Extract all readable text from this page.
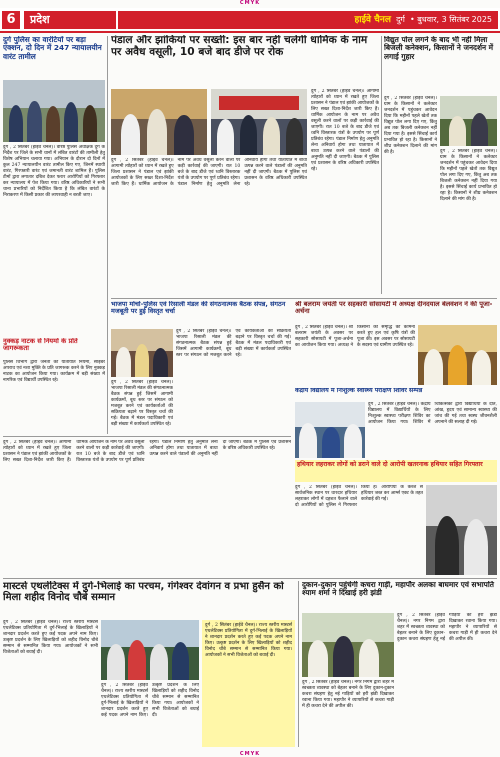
CMYK
6	प्रदेश	हाईवे चैनल दुर्ग  • बुधवार, 3 सितंबर 2025
दुर्ग पुलिस का वारंटियों पर बड़ा एक्शन, दो दिन में 247 न्यायालयीन वारंट तामील
दुर्ग , 2 सितंबर (हाईवे चैनल)। वरिष्ठ पुलिस अधीक्षक दुर्ग के निर्देश पर जिले के सभी थानों में लंबित वारंटों की तामीली हेतु विशेष अभियान चलाया गया। अभियान के दौरान दो दिनों में कुल 247 न्यायालयीन वारंट तामील किए गए, जिनमें स्थायी वारंट, गिरफ्तारी वारंट एवं जमानती वारंट शामिल हैं। पुलिस टीमों द्वारा लगातार दबिश देकर फरार आरोपियों को गिरफ्तार कर न्यायालय में पेश किया गया। वरिष्ठ अधिकारियों ने सभी थाना प्रभारियों को निर्देशित किया है कि लंबित वारंटों के निराकरण में किसी प्रकार की लापरवाही न बरती जाए।
नुक्कड़ नाटक से नियमों के प्रति जागरूकता
पुलिस विभाग द्वारा जनता को यातायात नियमों, साइबर अपराध एवं नशा मुक्ति के प्रति जागरूक करने के लिए नुक्कड़ नाटक का आयोजन किया गया। कार्यक्रम में बड़ी संख्या में नागरिक एवं विद्यार्थी उपस्थित रहे।
पंडाल और झांकियों पर सख्ती: इस बार नहीं चलेगी धार्मिक के नाम पर अवैध वसूली, 10 बजे बाद डीजे पर रोक
दुर्ग , 2 सितंबर (हाईवे चैनल)। आगामी त्योहारों को ध्यान में रखते हुए जिला प्रशासन ने पंडाल एवं झांकी आयोजकों के लिए सख्त दिशा-निर्देश जारी किए हैं। धार्मिक आयोजन के नाम पर अवैध वसूली करने वालों पर कड़ी कार्रवाई की जाएगी। रात 10 बजे के बाद डीजे एवं ध्वनि विस्तारक यंत्रों के उपयोग पर पूर्ण प्रतिबंध रहेगा। पंडाल निर्माण हेतु अनुमति लेना अनिवार्य होगा तथा यातायात में बाधा उत्पन्न करने वाले पंडालों की अनुमति नहीं दी जाएगी। बैठक में पुलिस एवं प्रशासन के वरिष्ठ अधिकारी उपस्थित रहे।
दुर्ग , 2 सितंबर (हाईवे चैनल)। आगामी त्योहारों को ध्यान में रखते हुए जिला प्रशासन ने पंडाल एवं झांकी आयोजकों के लिए सख्त दिशा-निर्देश जारी किए हैं। धार्मिक आयोजन के नाम पर अवैध वसूली करने वालों पर कड़ी कार्रवाई की जाएगी। रात 10 बजे के बाद डीजे एवं ध्वनि विस्तारक यंत्रों के उपयोग पर पूर्ण प्रतिबंध रहेगा। पंडाल निर्माण हेतु अनुमति लेना अनिवार्य होगा तथा यातायात में बाधा उत्पन्न करने वाले पंडालों की अनुमति नहीं दी जाएगी। बैठक में पुलिस एवं प्रशासन के वरिष्ठ अधिकारी उपस्थित रहे।
विद्युत पोल लगने के बाद भी नहीं मिला बिजली कनेक्शन, किसानों ने जनदर्शन में लगाई गुहार
दुर्ग , 2 सितंबर (हाईवे चैनल)। ग्राम के किसानों ने कलेक्टर जनदर्शन में पहुंचकर आवेदन दिया कि महीनों पहले खेतों तक विद्युत पोल लगा दिए गए, किंतु अब तक बिजली कनेक्शन नहीं दिया गया है। इससे सिंचाई कार्य प्रभावित हो रहा है। किसानों ने शीघ्र कनेक्शन दिलाने की मांग की है।	दुर्ग , 2 सितंबर (हाईवे चैनल)। ग्राम के किसानों ने कलेक्टर जनदर्शन में पहुंचकर आवेदन दिया कि महीनों पहले खेतों तक विद्युत पोल लगा दिए गए, किंतु अब तक बिजली कनेक्शन नहीं दिया गया है। इससे सिंचाई कार्य प्रभावित हो रहा है। किसानों ने शीघ्र कनेक्शन दिलाने की मांग की है।
भाजपा मोर्चा-पुलिस एवं रिसाली मंडल की संगठनात्मक बैठक संपन्न, संगठन मजबूती पर हुई विस्तृत चर्चा
दुर्ग , 2 सितंबर (हाईवे चैनल)। भाजपा रिसाली मंडल की संगठनात्मक बैठक संपन्न हुई जिसमें आगामी कार्यक्रमों, बूथ स्तर पर संगठन को मजबूत करने एवं कार्यकर्ताओं की सक्रियता बढ़ाने पर विस्तृत चर्चा की गई। बैठक में मंडल पदाधिकारी एवं बड़ी संख्या में कार्यकर्ता उपस्थित रहे।
दुर्ग , 2 सितंबर (हाईवे चैनल)। भाजपा रिसाली मंडल की संगठनात्मक बैठक संपन्न हुई जिसमें आगामी कार्यक्रमों, बूथ स्तर पर संगठन को मजबूत करने एवं कार्यकर्ताओं की सक्रियता बढ़ाने पर विस्तृत चर्चा की गई। बैठक में मंडल पदाधिकारी एवं बड़ी संख्या में कार्यकर्ता उपस्थित रहे।
श्री बलराम जयंती पर सहकारी सोसायटी में अध्यक्ष दीनदयाल बेलवंशन ने की पूजा-अर्चना
दुर्ग , 2 सितंबर (हाईवे चैनल)। श्री बलराम जयंती के अवसर पर सहकारी सोसायटी में पूजा-अर्चना का आयोजन किया गया। अध्यक्ष ने किसानों की समृद्धि की कामना करते हुए हल एवं कृषि यंत्रों की पूजा की। इस अवसर पर सोसायटी के सदस्य एवं ग्रामीण उपस्थित रहे।
केंद्रीय विद्यालय में निःशुल्क स्वास्थ्य परीक्षण शिविर सम्पन्न
दुर्ग , 2 सितंबर (हाईवे चैनल)। केंद्रीय विद्यालय में विद्यार्थियों के लिए निःशुल्क स्वास्थ्य परीक्षण शिविर का आयोजन किया गया। शिविर में चिकित्सकों द्वारा विद्यार्थियों के दांत, आंख, हृदय एवं सामान्य स्वास्थ्य की जांच की गई तथा स्वस्थ जीवनशैली अपनाने की सलाह दी गई।
हथियार लहराकर लोगों को डराने वाले दो आरोपी खतरनाक हथियार सहित गिरफ्तार
दुर्ग , 2 सितंबर (हाईवे चैनल)। सार्वजनिक स्थान पर धारदार हथियार लहराकर लोगों में दहशत फैलाने वाले दो आरोपियों को पुलिस ने गिरफ्तार किया है। आरोपियों के कब्जे से हथियार जब्त कर आर्म्स एक्ट के तहत कार्रवाई की गई।
दुर्ग , 2 सितंबर (हाईवे चैनल)। आगामी त्योहारों को ध्यान में रखते हुए जिला प्रशासन ने पंडाल एवं झांकी आयोजकों के लिए सख्त दिशा-निर्देश जारी किए हैं। धार्मिक आयोजन के नाम पर अवैध वसूली करने वालों पर कड़ी कार्रवाई की जाएगी। रात 10 बजे के बाद डीजे एवं ध्वनि विस्तारक यंत्रों के उपयोग पर पूर्ण प्रतिबंध रहेगा। पंडाल निर्माण हेतु अनुमति लेना अनिवार्य होगा तथा यातायात में बाधा उत्पन्न करने वाले पंडालों की अनुमति नहीं दी जाएगी। बैठक में पुलिस एवं प्रशासन के वरिष्ठ अधिकारी उपस्थित रहे।
मास्टर्स एथलेटिक्स में दुर्ग-भिलाई का परचम, गंगेश्वर देवांगन व प्रभा हुसैन को मिला शहीद विनोद चौबे सम्मान
दुर्ग , 2 सितंबर (हाईवे चैनल)। राज्य स्तरीय मास्टर्स एथलेटिक्स प्रतियोगिता में दुर्ग-भिलाई के खिलाड़ियों ने शानदार प्रदर्शन करते हुए कई पदक अपने नाम किए। उत्कृष्ट प्रदर्शन के लिए खिलाड़ियों को शहीद विनोद चौबे सम्मान से सम्मानित किया गया। आयोजकों ने सभी विजेताओं को बधाई दी।
दुर्ग , 2 सितंबर (हाईवे चैनल)। राज्य स्तरीय मास्टर्स एथलेटिक्स प्रतियोगिता में दुर्ग-भिलाई के खिलाड़ियों ने शानदार प्रदर्शन करते हुए कई पदक अपने नाम किए। उत्कृष्ट प्रदर्शन के लिए खिलाड़ियों को शहीद विनोद चौबे सम्मान से सम्मानित किया गया। आयोजकों ने सभी विजेताओं को बधाई दी।
दुर्ग , 2 सितंबर (हाईवे चैनल)। राज्य स्तरीय मास्टर्स एथलेटिक्स प्रतियोगिता में दुर्ग-भिलाई के खिलाड़ियों ने शानदार प्रदर्शन करते हुए कई पदक अपने नाम किए। उत्कृष्ट प्रदर्शन के लिए खिलाड़ियों को शहीद विनोद चौबे सम्मान से सम्मानित किया गया। आयोजकों ने सभी विजेताओं को बधाई दी।
दुकान-दुकान पहुंचेगी कचरा गाड़ी, महापौर अलका बाघमार एवं सभापति श्याम शर्मा ने दिखाई हरी झंडी
दुर्ग , 2 सितंबर (हाईवे चैनल)। नगर निगम द्वारा शहर में स्वच्छता व्यवस्था को बेहतर बनाने के लिए दुकान-दुकान कचरा संग्रहण हेतु नई गाड़ियों को हरी झंडी दिखाकर रवाना किया गया। महापौर ने व्यापारियों से कचरा गाड़ी में ही कचरा देने की अपील की।
दुर्ग , 2 सितंबर (हाईवे चैनल)। नगर निगम द्वारा शहर में स्वच्छता व्यवस्था को बेहतर बनाने के लिए दुकान-दुकान कचरा संग्रहण हेतु नई गाड़ियों को हरी झंडी दिखाकर रवाना किया गया। महापौर ने व्यापारियों से कचरा गाड़ी में ही कचरा देने की अपील की।
CMYK
